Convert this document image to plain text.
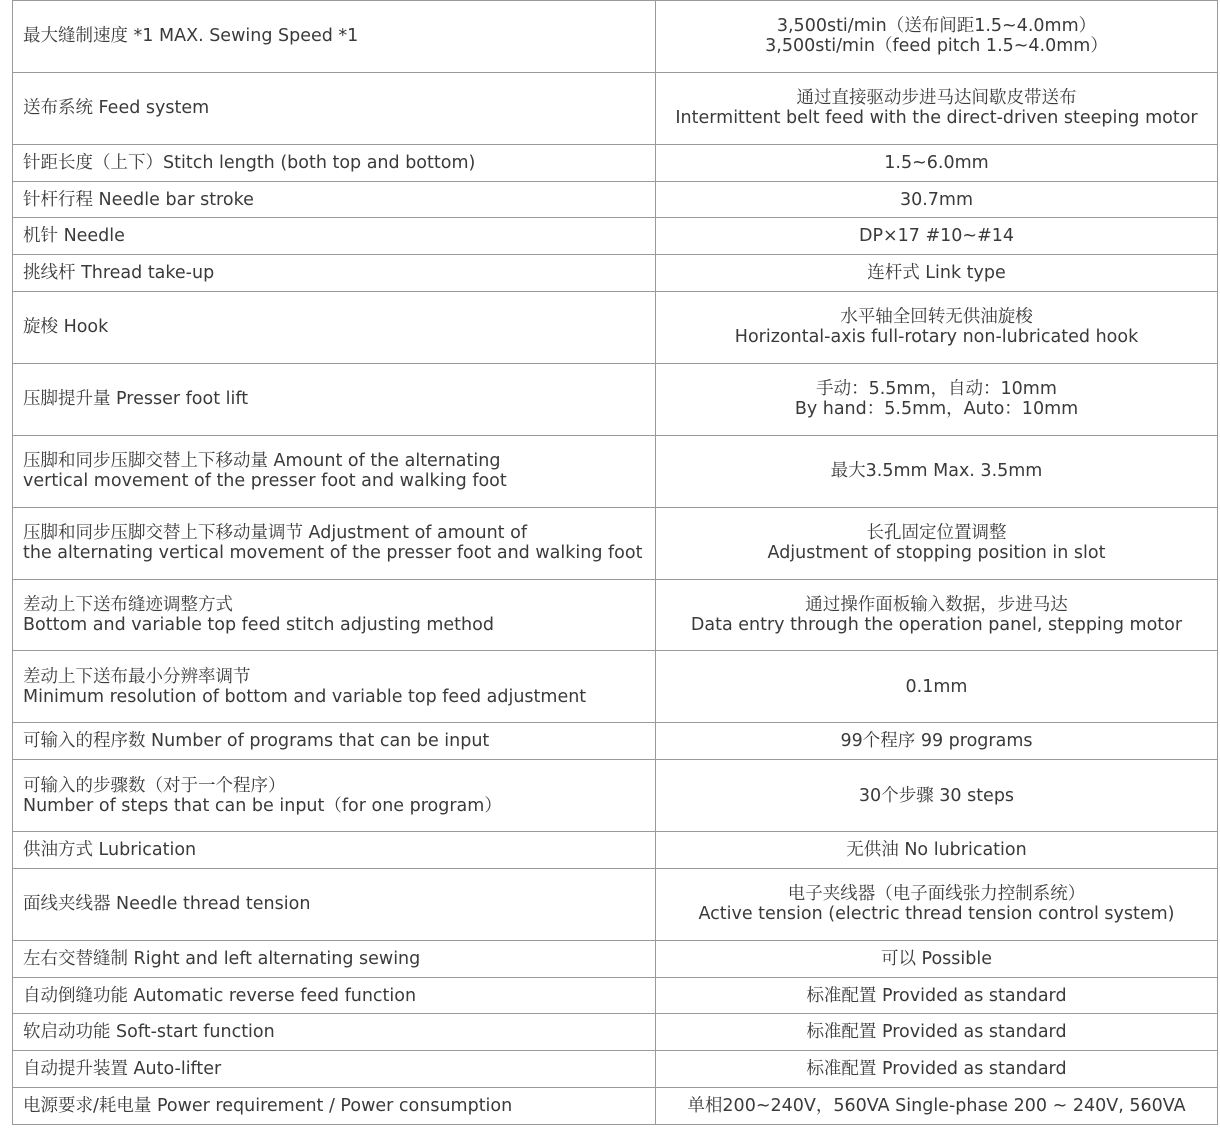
最大缝制速度 *1 MAX. Sewing Speed *1	3,500sti/min（送布间距1.5~4.0mm）
3,500sti/min（feed pitch 1.5~4.0mm）

送布系统 Feed system	通过直接驱动步进马达间歇皮带送布
Intermittent belt feed with the direct-driven steeping motor

针距长度（上下）Stitch length (both top and bottom)	1.5~6.0mm

针杆行程 Needle bar stroke	30.7mm

机针 Needle	DP×17 #10~#14

挑线杆 Thread take-up	连杆式 Link type

旋梭 Hook	水平轴全回转无供油旋梭
Horizontal-axis full-rotary non-lubricated hook

压脚提升量 Presser foot lift	手动：5.5mm，自动：10mm
By hand：5.5mm，Auto：10mm

压脚和同步压脚交替上下移动量 Amount of the alternating
vertical movement of the presser foot and walking foot	最大3.5mm Max. 3.5mm

压脚和同步压脚交替上下移动量调节 Adjustment of amount of
the alternating vertical movement of the presser foot and walking foot	长孔固定位置调整
Adjustment of stopping position in slot

差动上下送布缝迹调整方式
Bottom and variable top feed stitch adjusting method	通过操作面板输入数据，步进马达
Data entry through the operation panel, stepping motor

差动上下送布最小分辨率调节
Minimum resolution of bottom and variable top feed adjustment	0.1mm

可输入的程序数 Number of programs that can be input	99个程序 99 programs

可输入的步骤数（对于一个程序）
Number of steps that can be input（for one program）	30个步骤 30 steps

供油方式 Lubrication	无供油 No lubrication

面线夹线器 Needle thread tension	电子夹线器（电子面线张力控制系统）
Active tension (electric thread tension control system)

左右交替缝制 Right and left alternating sewing	可以 Possible

自动倒缝功能 Automatic reverse feed function	标准配置 Provided as standard

软启动功能 Soft-start function	标准配置 Provided as standard

自动提升装置 Auto-lifter	标准配置 Provided as standard

电源要求/耗电量 Power requirement / Power consumption	单相200~240V，560VA Single-phase 200 ~ 240V, 560VA
